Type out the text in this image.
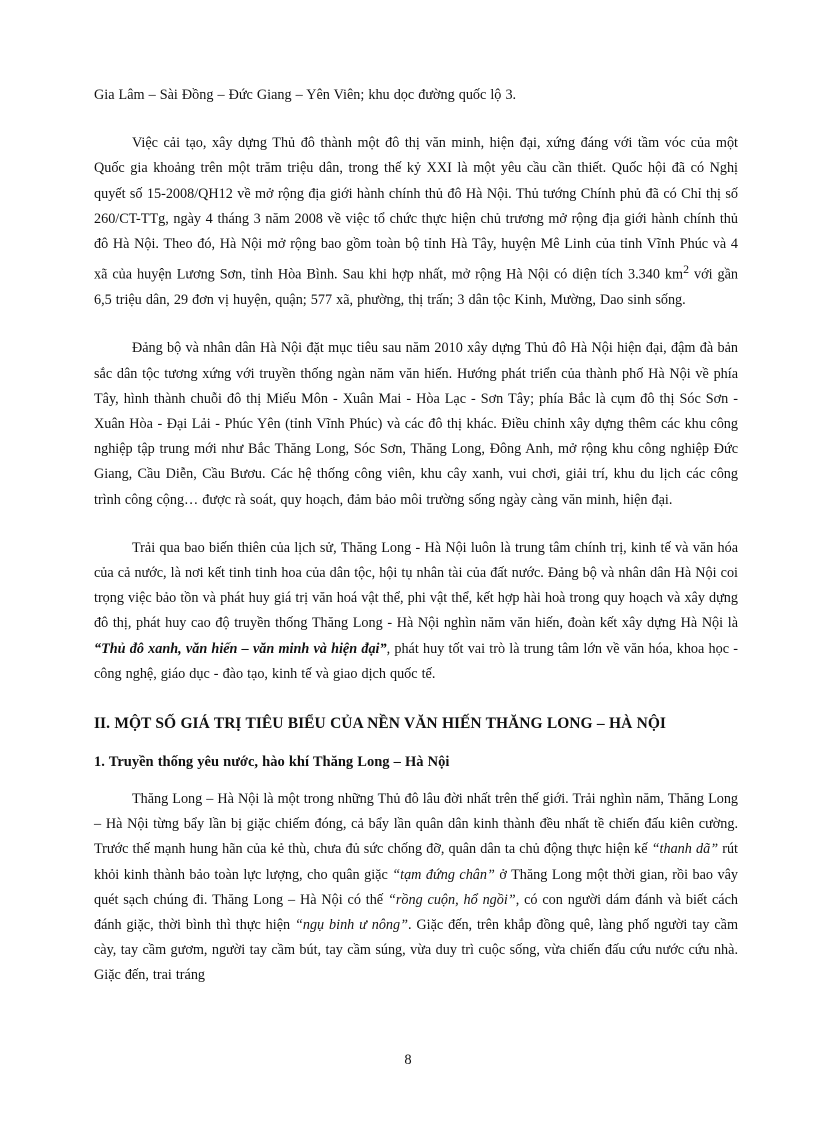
Gia Lâm – Sài Đồng – Đức Giang – Yên Viên; khu dọc đường quốc lộ 3.

Việc cải tạo, xây dựng Thủ đô thành một đô thị văn minh, hiện đại, xứng đáng với tầm vóc của một Quốc gia khoảng trên một trăm triệu dân, trong thế kỷ XXI là một yêu cầu cần thiết. Quốc hội đã có Nghị quyết số 15-2008/QH12 về mở rộng địa giới hành chính thủ đô Hà Nội. Thủ tướng Chính phủ đã có Chỉ thị số 260/CT-TTg, ngày 4 tháng 3 năm 2008 về việc tổ chức thực hiện chủ trương mở rộng địa giới hành chính thủ đô Hà Nội. Theo đó, Hà Nội mở rộng bao gồm toàn bộ tỉnh Hà Tây, huyện Mê Linh của tỉnh Vĩnh Phúc và 4 xã của huyện Lương Sơn, tỉnh Hòa Bình. Sau khi hợp nhất, mở rộng Hà Nội có diện tích 3.340 $km^2$ với gần 6,5 triệu dân, 29 đơn vị huyện, quận; 577 xã, phường, thị trấn; 3 dân tộc Kinh, Mường, Dao sinh sống.

Đảng bộ và nhân dân Hà Nội đặt mục tiêu sau năm 2010 xây dựng Thủ đô Hà Nội hiện đại, đậm đà bản sắc dân tộc tương xứng với truyền thống ngàn năm văn hiến. Hướng phát triển của thành phố Hà Nội về phía Tây, hình thành chuỗi đô thị Miếu Môn - Xuân Mai - Hòa Lạc - Sơn Tây; phía Bắc là cụm đô thị Sóc Sơn - Xuân Hòa - Đại Lải - Phúc Yên (tỉnh Vĩnh Phúc) và các đô thị khác. Điều chỉnh xây dựng thêm các khu công nghiệp tập trung mới như Bắc Thăng Long, Sóc Sơn, Thăng Long, Đông Anh, mở rộng khu công nghiệp Đức Giang, Cầu Diễn, Cầu Bươu. Các hệ thống công viên, khu cây xanh, vui chơi, giải trí, khu du lịch các công trình công cộng… được rà soát, quy hoạch, đảm bảo môi trường sống ngày càng văn minh, hiện đại.

Trải qua bao biến thiên của lịch sử, Thăng Long - Hà Nội luôn là trung tâm chính trị, kinh tế và văn hóa của cả nước, là nơi kết tinh tinh hoa của dân tộc, hội tụ nhân tài của đất nước. Đảng bộ và nhân dân Hà Nội coi trọng việc bảo tồn và phát huy giá trị văn hoá vật thể, phi vật thể, kết hợp hài hoà trong quy hoạch và xây dựng đô thị, phát huy cao độ truyền thống Thăng Long - Hà Nội nghìn năm văn hiến, đoàn kết xây dựng Hà Nội là “Thủ đô xanh, văn hiến – văn minh và hiện đại”, phát huy tốt vai trò là trung tâm lớn về văn hóa, khoa học - công nghệ, giáo dục - đào tạo, kinh tế và giao dịch quốc tế.

II. MỘT SỐ GIÁ TRỊ TIÊU BIỂU CỦA NỀN VĂN HIẾN THĂNG LONG – HÀ NỘI

1. Truyền thống yêu nước, hào khí Thăng Long – Hà Nội

Thăng Long – Hà Nội là một trong những Thủ đô lâu đời nhất trên thế giới. Trải nghìn năm, Thăng Long – Hà Nội từng bẩy lần bị giặc chiếm đóng, cả bẩy lần quân dân kinh thành đều nhất tề chiến đấu kiên cường. Trước thế mạnh hung hãn của kẻ thù, chưa đủ sức chống đỡ, quân dân ta chủ động thực hiện kế “thanh dã” rút khỏi kinh thành bảo toàn lực lượng, cho quân giặc “tạm đứng chân” ở Thăng Long một thời gian, rồi bao vây quét sạch chúng đi. Thăng Long – Hà Nội có thế “rồng cuộn, hổ ngồi”, có con người dám đánh và biết cách đánh giặc, thời bình thì thực hiện “ngụ binh ư nông”. Giặc đến, trên khắp đồng quê, làng phố người tay cầm cày, tay cầm gươm, người tay cầm bút, tay cầm súng, vừa duy trì cuộc sống, vừa chiến đấu cứu nước cứu nhà. Giặc đến, trai tráng

8
